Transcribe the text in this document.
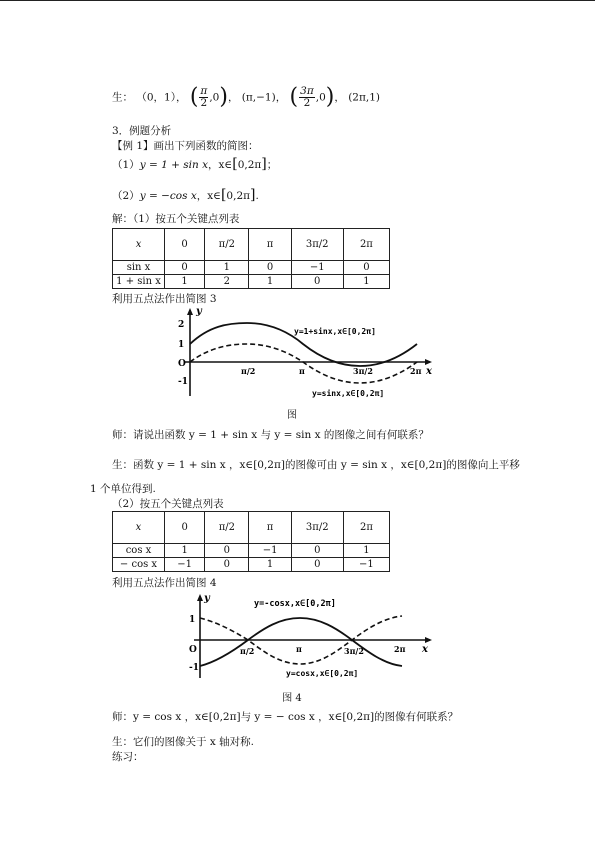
生： （0，1）， ( $\frac{\pi}{2} ,0$)， (π,−1)， ( $\frac{3\pi}{2} ,0$)， (2π,1)
3．例题分析
【例 1】画出下列函数的简图：
（1）y = 1 + sin x，x∈[0,2π]；
（2）y = −cos x，x∈[0,2π].
解：（1）按五个关键点列表
x	0	π/2	π	3π/2	2π
sin x	0	1	0	−1	0
1 + sin x	1	2	1	0	1
利用五点法作出简图 3
y
x
2
1
O
-1
π/2	π	3π/2	2π
y=1+sinx,x∈[0,2π]
y=sinx,x∈[0,2π]
图
师：请说出函数 y = 1 + sin x 与 y = sin x 的图像之间有何联系？
生：函数 y = 1 + sin x ，x∈[0,2π]的图像可由 y = sin x ，x∈[0,2π]的图像向上平移
1 个单位得到.
（2）按五个关键点列表
x	0	π/2	π	3π/2	2π
cos x	1	0	−1	0	1
− cos x	−1	0	1	0	−1
利用五点法作出简图 4
y
x
1
O
-1
π/2	π	3π/2	2π
y=-cosx,x∈[0,2π]
y=cosx,x∈[0,2π]
图 4
师：y = cos x ，x∈[0,2π]与 y = − cos x ，x∈[0,2π]的图像有何联系？
生：它们的图像关于 x 轴对称.
练习：
